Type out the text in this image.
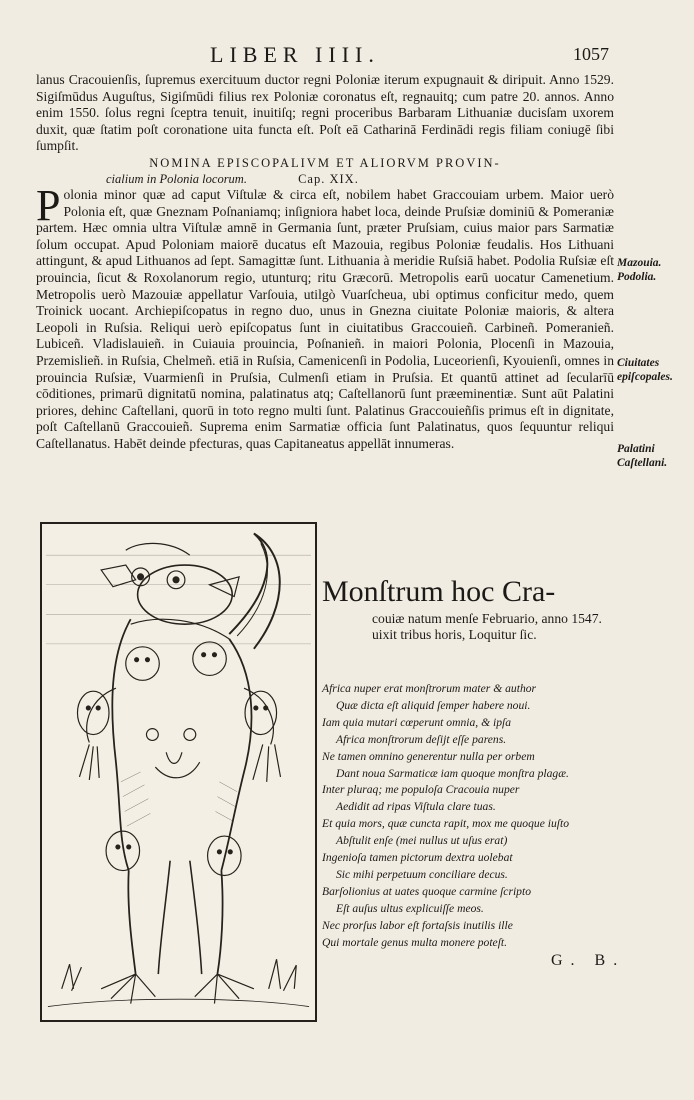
LIBER IIII.	1057

lanus Cracouienſis, ſupremus exercituum ductor regni Poloniæ iterum expugnauit & diripuit. Anno 1529. Sigiſmūdus Auguſtus, Sigiſmūdi filius rex Poloniæ coronatus eſt, regnauitq; cum patre 20. annos. Anno enim 1550. ſolus regni ſceptra tenuit, inuitiſq; regni proceribus Barbaram Lithuaniæ ducisſam uxorem duxit, quæ ſtatim poſt coronatione uita functa eſt. Poſt eā Catharinā Ferdinādi regis filiam coniugē ſibi ſumpſit.

NOMINA EPISCOPALIVM ET ALIORVM PROVIN-
cialium in Polonia locorum.	Cap. XIX.

Polonia minor quæ ad caput Viſtulæ & circa eſt, nobilem habet Graccouiam urbem. Maior uerò Polonia eſt, quæ Gneznam Poſnaniamq; inſigniora habet loca, deinde Pruſsiæ dominiū & Pomeraniæ partem. Hæc omnia ultra Viſtulæ amnē in Germania ſunt, præter Pruſsiam, cuius maior pars Sarmatiæ ſolum occupat. Apud Poloniam maiorē ducatus eſt Mazouia, regibus Poloniæ feudalis. Hos Lithuani attingunt, & apud Lithuanos ad ſept. Samagittæ ſunt. Lithuania à meridie Ruſsiā habet. Podolia Ruſsiæ eſt prouincia, ſicut & Roxolanorum regio, utunturq; ritu Græcorū. Metropolis earū uocatur Camenetium. Metropolis uerò Mazouiæ appellatur Varſouia, utilgò Vuarſcheua, ubi optimus conficitur medo, quem Troinick uocant. Archiepiſcopatus in regno duo, unus in Gnezna ciuitate Poloniæ maioris, & altera Leopoli in Ruſsia. Reliqui uerò epiſcopatus ſunt in ciuitatibus Graccouieñ. Carbineñ. Pomeranieñ. Lubiceñ. Vladislauieñ. in Cuiauia prouincia, Poſnanieñ. in maiori Polonia, Plocenſi in Mazouia, Przemislieñ. in Ruſsia, Chelmeñ. etiā in Ruſsia, Camenicenſi in Podolia, Luceorienſi, Kyouienſi, omnes in prouincia Ruſsiæ, Vuarmienſi in Pruſsia, Culmenſi etiam in Pruſsia. Et quantū attinet ad ſecularīū cōditiones, primarū dignitatū nomina, palatinatus atq; Caſtellanorū ſunt præeminentiæ. Sunt aūt Palatini priores, dehinc Caſtellani, quorū in toto regno multi ſunt. Palatinus Graccouieñſis primus eſt in dignitate, poſt Caſtellanū Graccouieñ. Suprema enim Sarmatiæ officia ſunt Palatinatus, quos ſequuntur reliqui Caſtellanatus. Habēt deinde pfecturas, quas Capitaneatus appellāt innumeras.

Mazouia. Podolia.
Ciuitates epiſcopales.
Palatini Caſtellani.
Monſtrum hoc Cra-
couiæ natum menſe Februario, anno 1547. uixit tribus horis, Loquitur ſic.
Africa nuper erat monſtrorum mater & author
Quæ dicta eſt aliquid ſemper habere noui.
Iam quia mutari cœperunt omnia, & ipſa
Africa monſtrorum deſijt eſſe parens.
Ne tamen omnino generentur nulla per orbem
Dant noua Sarmaticæ iam quoque monſtra plagæ.
Inter pluraq; me populoſa Cracouia nuper
Aedidit ad ripas Viſtula clare tuas.
Et quia mors, quæ cuncta rapit, mox me quoque iuſto
Abſtulit enſe (mei nullus ut uſus erat)
Ingenioſa tamen pictorum dextra uolebat
Sic mihi perpetuum conciliare decus.
Barſolionius at uates quoque carmine ſcripto
Eſt auſus ultus explicuiſſe meos.
Nec prorſus labor eſt fortaſsis inutilis ille
Qui mortale genus multa monere poteſt.
G. B.
